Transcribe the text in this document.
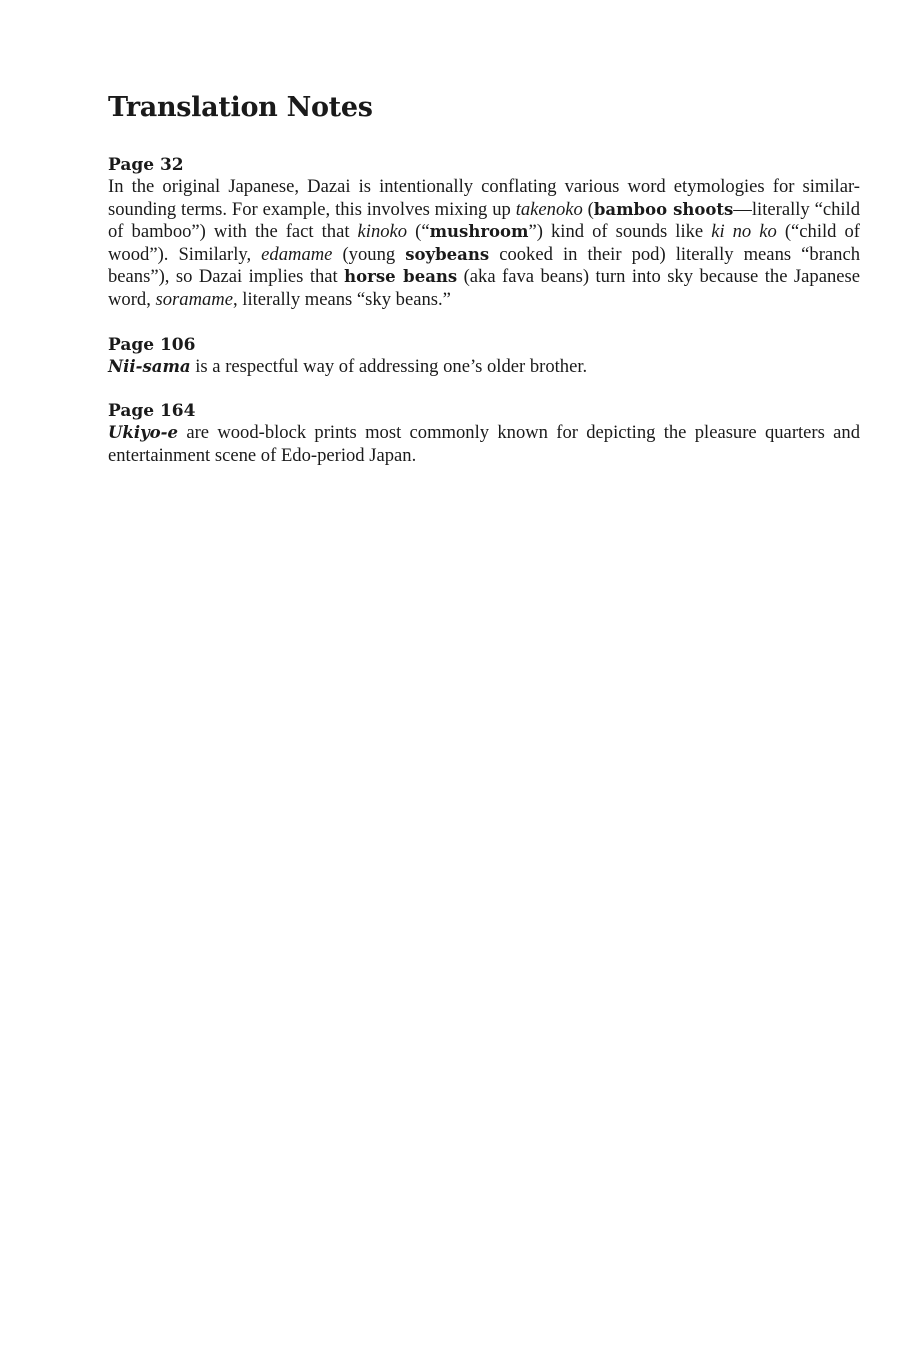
Translation Notes
Page 32

In the original Japanese, Dazai is intentionally conflating various word etymologies for similar-sounding terms. For example, this involves mixing up takenoko (bamboo shoots—literally “child of bamboo”) with the fact that kinoko (“mushroom”) kind of sounds like ki no ko (“child of wood”). Similarly, edamame (young soybeans cooked in their pod) literally means “branch beans”), so Dazai implies that horse beans (aka fava beans) turn into sky because the Japanese word, soramame, literally means “sky beans.”

Page 106

Nii-sama is a respectful way of addressing one’s older brother.

Page 164

Ukiyo-e are wood-block prints most commonly known for depicting the pleasure quarters and entertainment scene of Edo-period Japan.
